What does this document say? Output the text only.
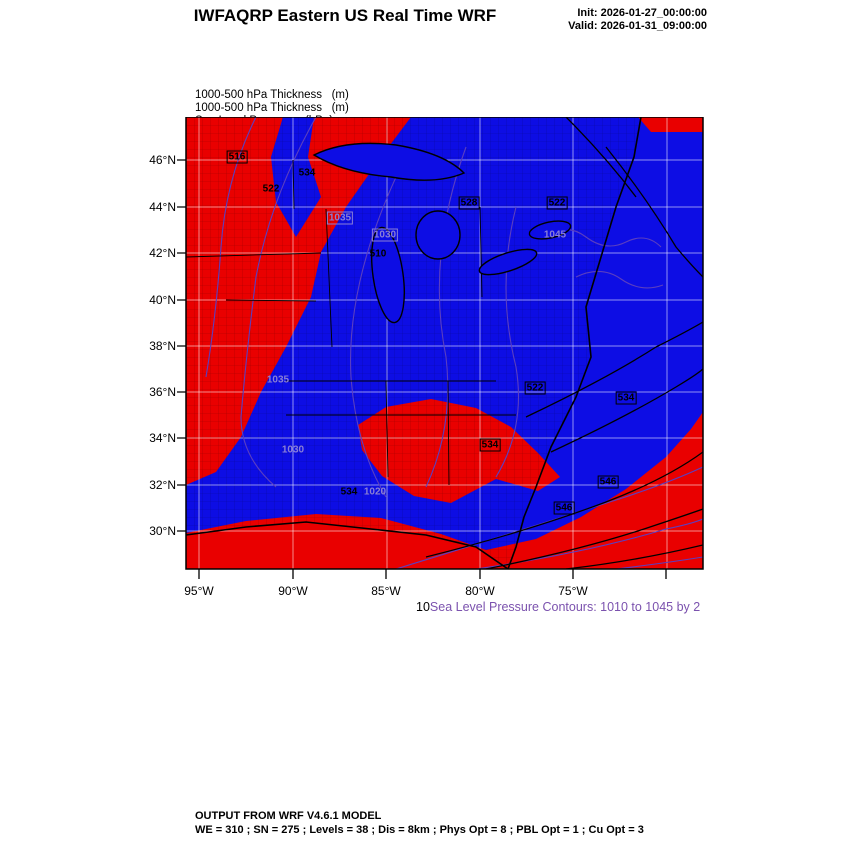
IWFAQRP Eastern US Real Time WRF	Init: 2026-01-27_00:00:00
Valid: 2026-01-31_09:00:00

1000-500 hPa Thickness   (m)
1000-500 hPa Thickness   (m)
516
534
522
528	522
1035
1030	1045
510
1035
522
534
534
1030
534 1020
546
546
46°N
44°N
42°N
40°N
38°N
36°N
34°N
32°N
30°N
95°W	90°W	85°W	80°W	75°W
10Sea Level Pressure Contours: 1010 to 1045 by 2
OUTPUT FROM WRF V4.6.1 MODEL
WE = 310 ; SN = 275 ; Levels = 38 ; Dis = 8km ; Phys Opt = 8 ; PBL Opt = 1 ; Cu Opt = 3
